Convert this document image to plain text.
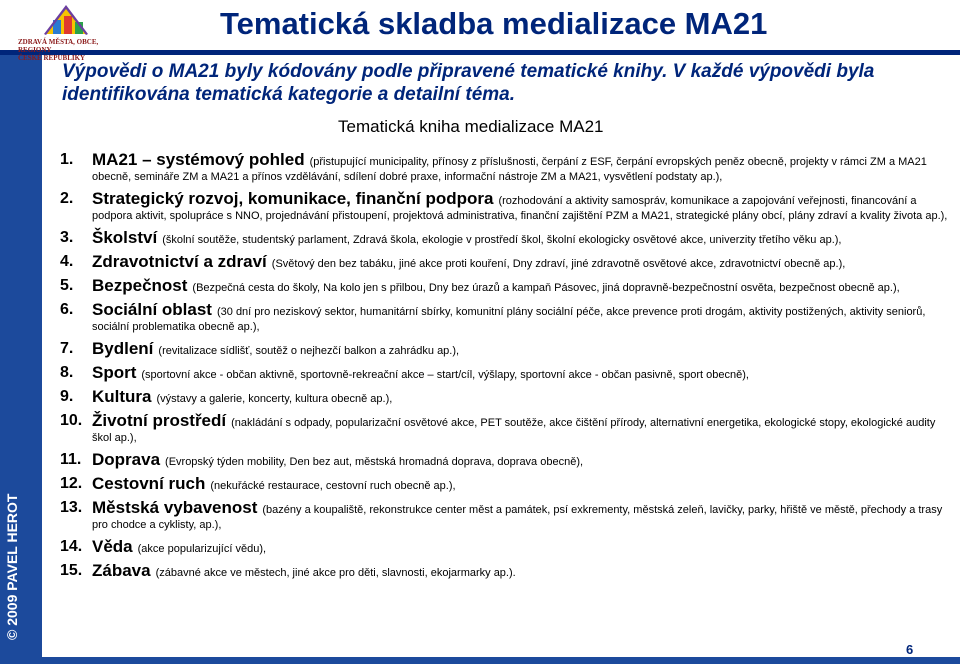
© 2009 PAVEL HEROT
ZDRAVÁ MĚSTA, OBCE, REGIONY
ČESKÉ REPUBLIKY
Tematická skladba medializace MA21
Výpovědi o MA21 byly kódovány podle připravené tematické knihy. V každé výpovědi byla identifikována tematická kategorie a detailní téma.
Tematická kniha medializace MA21
1.	MA21 – systémový pohled (přistupující municipality, přínosy z příslušnosti, čerpání z ESF, čerpání evropských peněz obecně, projekty v rámci ZM a MA21 obecně, semináře ZM a MA21 a přínos vzdělávání, sdílení dobré praxe, informační nástroje ZM a MA21, vysvětlení podstaty ap.),
2.	Strategický rozvoj, komunikace, finanční podpora (rozhodování a aktivity samospráv, komunikace a zapojování veřejnosti, financování a podpora aktivit, spolupráce s NNO, projednávání přistoupení, projektová administrativa, finanční zajištění PZM a MA21, strategické plány obcí, plány zdraví a kvality života ap.),
3.	Školství (školní soutěže, studentský parlament, Zdravá škola, ekologie v prostředí škol, školní ekologicky osvětové akce, univerzity třetího věku ap.),
4.	Zdravotnictví a zdraví (Světový den bez tabáku, jiné akce proti kouření, Dny zdraví, jiné zdravotně osvětové akce, zdravotnictví obecně ap.),
5.	Bezpečnost (Bezpečná cesta do školy, Na kolo jen s přilbou, Dny bez úrazů a kampaň Pásovec, jiná dopravně-bezpečnostní osvěta, bezpečnost obecně ap.),
6.	Sociální oblast (30 dní pro neziskový sektor, humanitární sbírky, komunitní plány sociální péče, akce prevence proti drogám, aktivity postižených, aktivity seniorů, sociální problematika obecně ap.),
7.	Bydlení (revitalizace sídlišť, soutěž o nejhezčí balkon a zahrádku ap.),
8.	Sport (sportovní akce - občan aktivně, sportovně-rekreační akce – start/cíl, výšlapy, sportovní akce - občan pasivně, sport obecně),
9.	Kultura (výstavy a galerie, koncerty, kultura obecně ap.),
10. Životní prostředí (nakládání s odpady, popularizační osvětové akce, PET soutěže, akce čištění přírody, alternativní energetika, ekologické stopy, ekologické audity škol ap.),
11. Doprava (Evropský týden mobility, Den bez aut, městská hromadná doprava, doprava obecně),
12. Cestovní ruch (nekuřácké restaurace, cestovní ruch obecně ap.),
13. Městská vybavenost (bazény a koupaliště, rekonstrukce center měst a památek, psí exkrementy, městská zeleň, lavičky, parky, hřiště ve městě, přechody a trasy pro chodce a cyklisty, ap.),
14. Věda (akce popularizující vědu),
15. Zábava (zábavné akce ve městech, jiné akce pro děti, slavnosti, ekojarmarky ap.).
6
